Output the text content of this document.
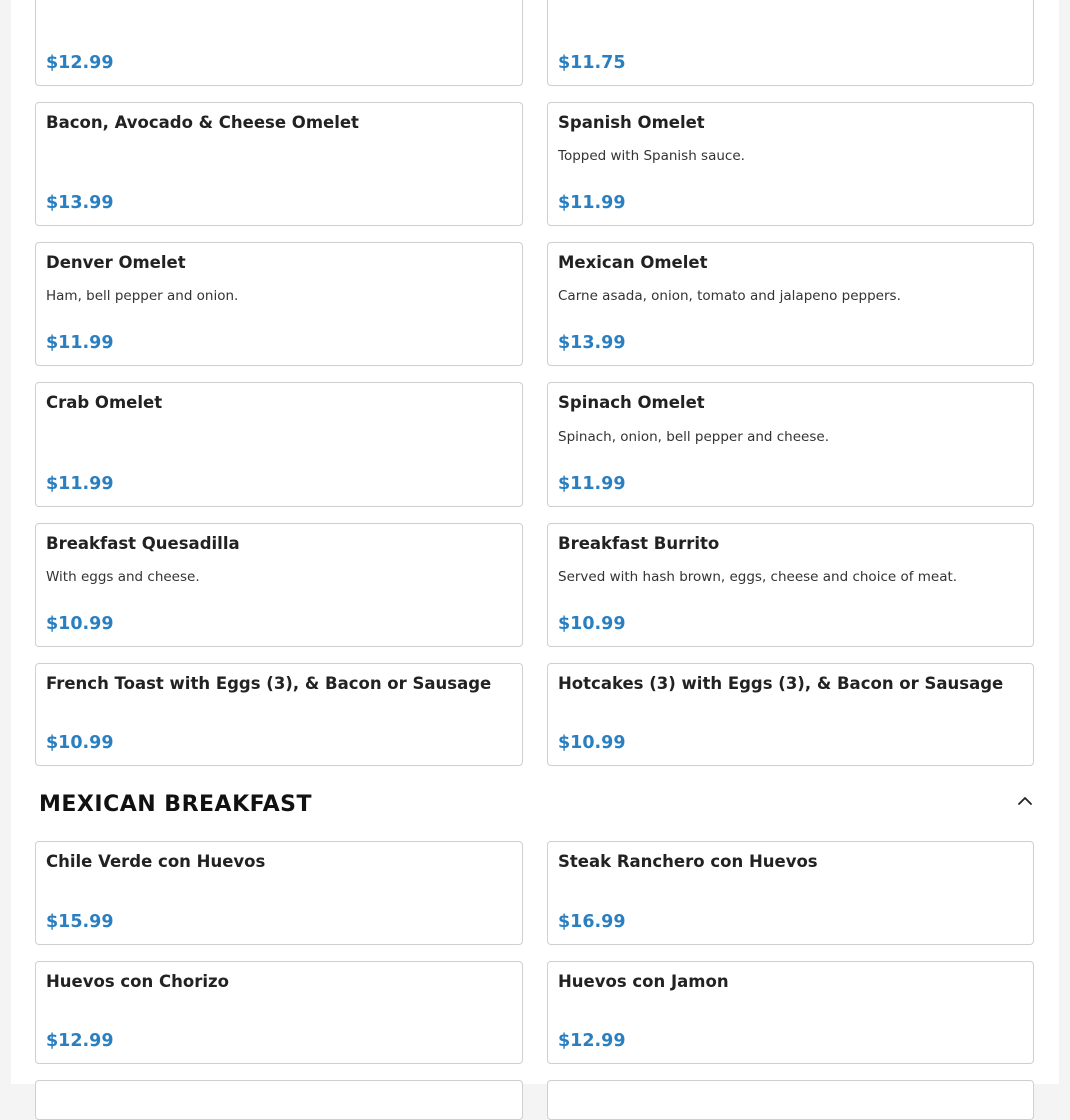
$12.99	$11.75
Bacon, Avocado & Cheese Omelet
$13.99
Spanish Omelet
Topped with Spanish sauce.
$11.99
Denver Omelet
Ham, bell pepper and onion.
$11.99
Mexican Omelet
Carne asada, onion, tomato and jalapeno peppers.
$13.99
Crab Omelet
$11.99
Spinach Omelet
Spinach, onion, bell pepper and cheese.
$11.99
Breakfast Quesadilla
With eggs and cheese.
$10.99
Breakfast Burrito
Served with hash brown, eggs, cheese and choice of meat.
$10.99
French Toast with Eggs (3), & Bacon or Sausage
$10.99
Hotcakes (3) with Eggs (3), & Bacon or Sausage
$10.99
MEXICAN BREAKFAST
Chile Verde con Huevos
$15.99
Steak Ranchero con Huevos
$16.99
Huevos con Chorizo
$12.99
Huevos con Jamon
$12.99
